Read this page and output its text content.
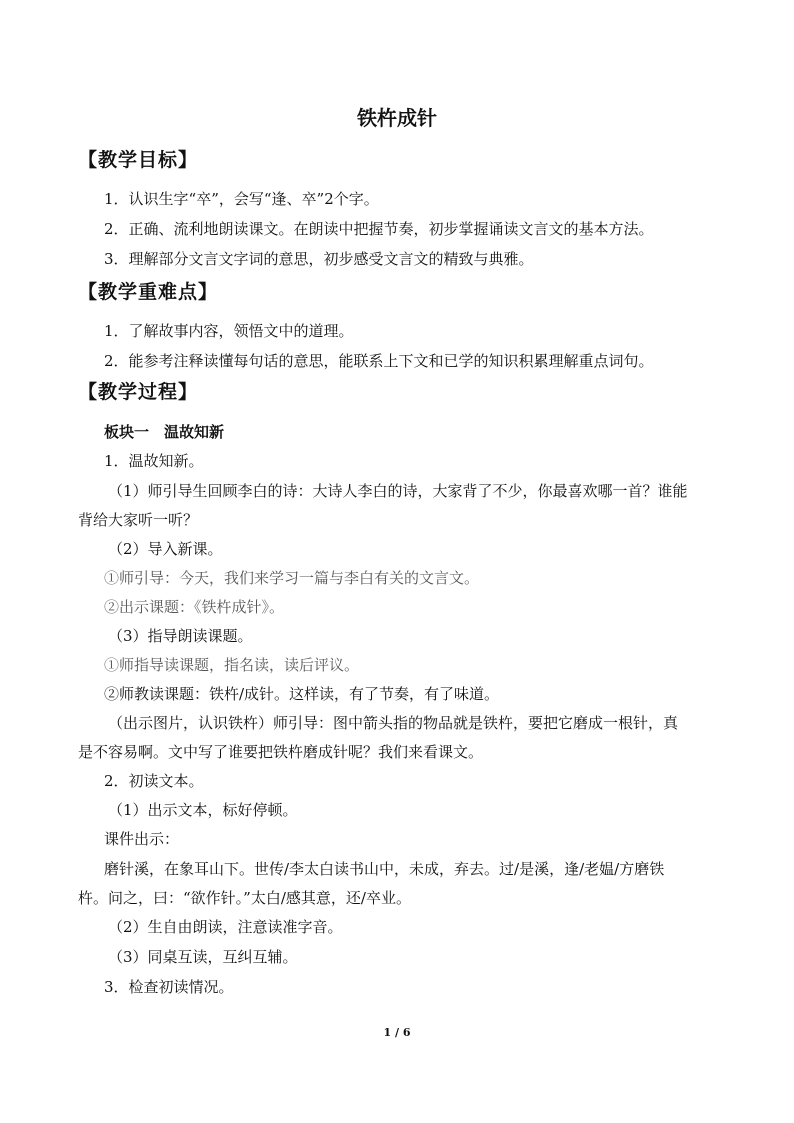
铁杵成针
【教学目标】
1．认识生字“卒”，会写“逢、卒”2个字。
2．正确、流利地朗读课文。在朗读中把握节奏，初步掌握诵读文言文的基本方法。
3．理解部分文言文字词的意思，初步感受文言文的精致与典雅。
【教学重难点】
1．了解故事内容，领悟文中的道理。
2．能参考注释读懂每句话的意思，能联系上下文和已学的知识积累理解重点词句。
【教学过程】
板块一　温故知新
1．温故知新。
（1）师引导生回顾李白的诗：大诗人李白的诗，大家背了不少，你最喜欢哪一首？谁能
背给大家听一听？
（2）导入新课。
①师引导：今天，我们来学习一篇与李白有关的文言文。
②出示课题：《铁杵成针》。
（3）指导朗读课题。
①师指导读课题，指名读，读后评议。
②师教读课题：铁杵/成针。这样读，有了节奏，有了味道。
（出示图片，认识铁杵）师引导：图中箭头指的物品就是铁杵，要把它磨成一根针，真
是不容易啊。文中写了谁要把铁杵磨成针呢？我们来看课文。
2．初读文本。
（1）出示文本，标好停顿。
课件出示：
磨针溪，在象耳山下。世传/李太白读书山中，未成，弃去。过/是溪，逢/老媪/方磨铁
杵。问之，曰：“欲作针。”太白/感其意，还/卒业。
（2）生自由朗读，注意读准字音。
（3）同桌互读，互纠互辅。
3．检查初读情况。
1 / 6
